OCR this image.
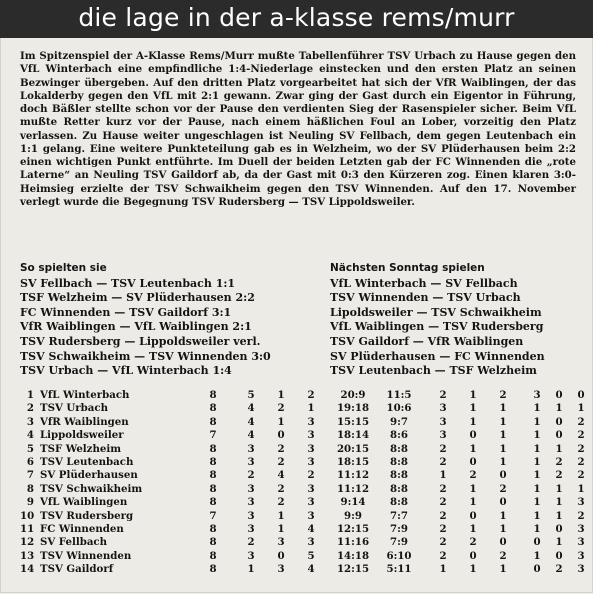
die lage in der a-klasse rems/murr
Im Spitzenspiel der A-Klasse Rems/Murr mußte Tabellenführer TSV Urbach zu Hause gegen den VfL Winterbach eine empfindliche 1:4-Niederlage einstecken und den ersten Platz an seinen Bezwinger übergeben. Auf den dritten Platz vorgearbeitet hat sich der VfR Waiblingen, der das Lokalderby gegen den VfL mit 2:1 gewann. Zwar ging der Gast durch ein Eigentor in Führung, doch Bäßler stellte schon vor der Pause den verdienten Sieg der Rasenspieler sicher. Beim VfL mußte Retter kurz vor der Pause, nach einem häßlichen Foul an Lober, vorzeitig den Platz verlassen. Zu Hause weiter ungeschlagen ist Neuling SV Fellbach, dem gegen Leutenbach ein 1:1 gelang. Eine weitere Punkteteilung gab es in Welzheim, wo der SV Plüderhausen beim 2:2 einen wichtigen Punkt entführte. Im Duell der beiden Letzten gab der FC Winnenden die „rote Laterne“ an Neuling TSV Gaildorf ab, da der Gast mit 0:3 den Kürzeren zog. Einen klaren 3:0-Heimsieg erzielte der TSV Schwaikheim gegen den TSV Winnenden. Auf den 17. November verlegt wurde die Begegnung TSV Rudersberg — TSV Lippoldsweiler.
So spielten sie
SV Fellbach — TSV Leutenbach 1:1
TSF Welzheim — SV Plüderhausen 2:2
FC Winnenden — TSV Gaildorf 3:1
VfR Waiblingen — VfL Waiblingen 2:1
TSV Rudersberg — Lippoldsweiler verl.
TSV Schwaikheim — TSV Winnenden 3:0
TSV Urbach — VfL Winterbach 1:4
Nächsten Sonntag spielen
VfL Winterbach — SV Fellbach
TSV Winnenden — TSV Urbach
Lipoldsweiler — TSV Schwaikheim
VfL Waiblingen — TSV Rudersberg
TSV Gaildorf — VfR Waiblingen
SV Plüderhausen — FC Winnenden
TSV Leutenbach — TSF Welzheim
1 VfL Winterbach	8	5	1	2	20:9	11:5	2	1	2	3	0	0
2 TSV Urbach	8	4	2	1	19:18	10:6	3	1	1	1	1	1
3 VfR Waiblingen	8	4	1	3	15:15	9:7	3	1	1	1	0	2
4 Lippoldsweiler	7	4	0	3	18:14	8:6	3	0	1	1	0	2
5 TSF Welzheim	8	3	2	3	20:15	8:8	2	1	1	1	1	2
6 TSV Leutenbach	8	3	2	3	18:15	8:8	2	0	1	1	2	2
7 SV Plüderhausen	8	2	4	2	11:12	8:8	1	2	0	1	2	2
8 TSV Schwaikheim	8	3	2	3	11:12	8:8	2	1	2	1	1	1
9 VfL Waiblingen	8	3	2	3	9:14	8:8	2	1	0	1	1	3
10 TSV Rudersberg	7	3	1	3	9:9	7:7	2	0	1	1	1	2
11 FC Winnenden	8	3	1	4	12:15	7:9	2	1	1	1	0	3
12 SV Fellbach	8	2	3	3	11:16	7:9	2	2	0	0	1	3
13 TSV Winnenden	8	3	0	5	14:18	6:10	2	0	2	1	0	3
14 TSV Gaildorf	8	1	3	4	12:15	5:11	1	1	1	0	2	3
